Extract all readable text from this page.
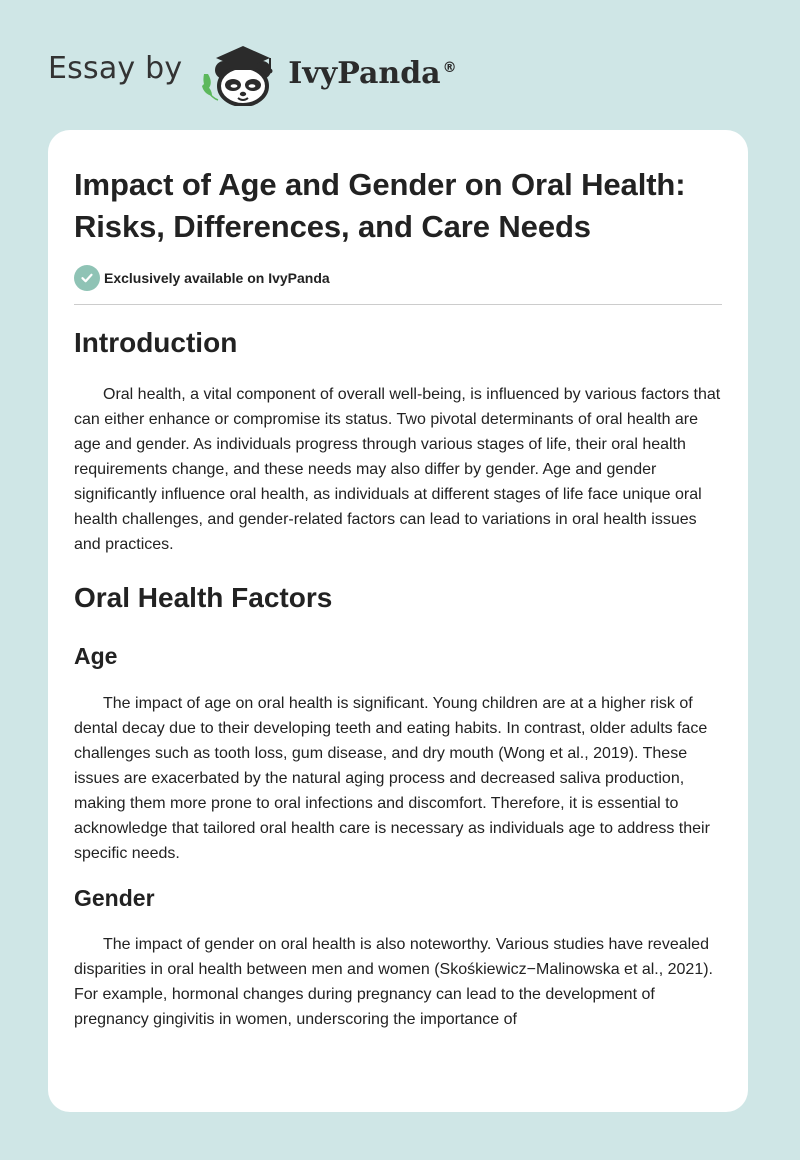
Essay by	IvyPanda ®
Impact of Age and Gender on Oral Health: Risks, Differences, and Care Needs
Exclusively available on IvyPanda
Introduction

Oral health, a vital component of overall well-being, is influenced by various factors that can either enhance or compromise its status. Two pivotal determinants of oral health are age and gender. As individuals progress through various stages of life, their oral health requirements change, and these needs may also differ by gender. Age and gender significantly influence oral health, as individuals at different stages of life face unique oral health challenges, and gender-related factors can lead to variations in oral health issues and practices.

Oral Health Factors
Age

The impact of age on oral health is significant. Young children are at a higher risk of dental decay due to their developing teeth and eating habits. In contrast, older adults face challenges such as tooth loss, gum disease, and dry mouth (Wong et al., 2019). These issues are exacerbated by the natural aging process and decreased saliva production, making them more prone to oral infections and discomfort. Therefore, it is essential to acknowledge that tailored oral health care is necessary as individuals age to address their specific needs.

Gender

The impact of gender on oral health is also noteworthy. Various studies have revealed disparities in oral health between men and women (Skośkiewicz−Malinowska et al., 2021). For example, hormonal changes during pregnancy can lead to the development of pregnancy gingivitis in women, underscoring the importance of
